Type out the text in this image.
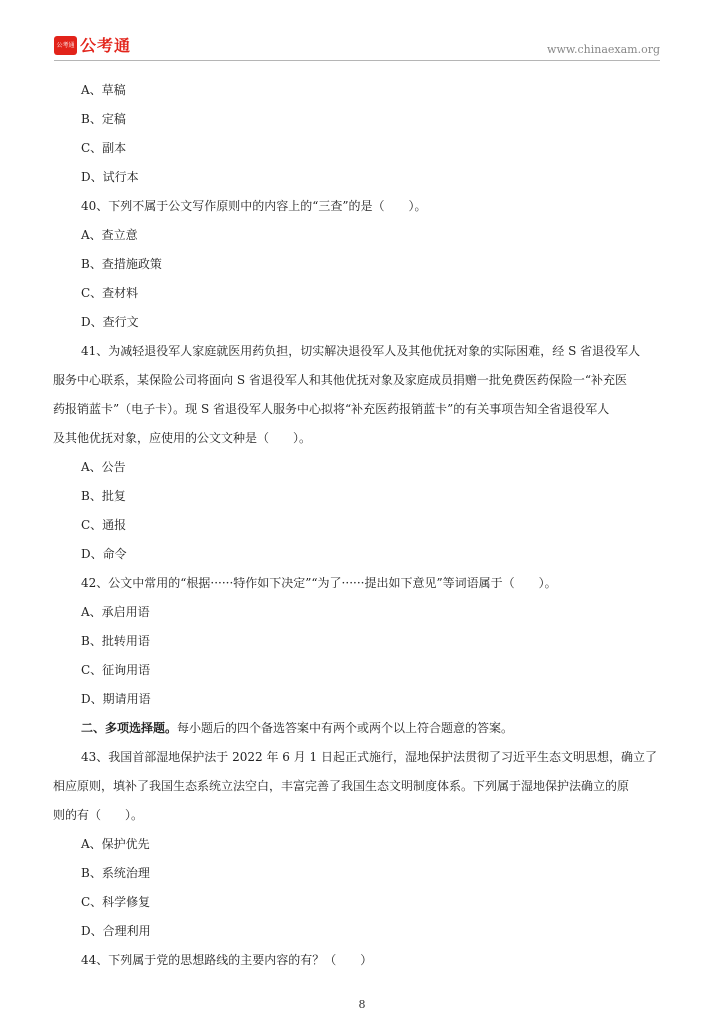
公考通 公考通	www.chinaexam.org
A、草稿
B、定稿
C、副本
D、试行本
40、下列不属于公文写作原则中的内容上的“三查”的是（　　）。
A、查立意
B、查措施政策
C、查材料
D、查行文
41、为减轻退役军人家庭就医用药负担，切实解决退役军人及其他优抚对象的实际困难，经 S 省退役军人
服务中心联系，某保险公司将面向 S 省退役军人和其他优抚对象及家庭成员捐赠一批免费医药保险一“补充医
药报销蓝卡”（电子卡）。现 S 省退役军人服务中心拟将“补充医药报销蓝卡”的有关事项告知全省退役军人
及其他优抚对象，应使用的公文文种是（　　）。
A、公告
B、批复
C、通报
D、命令
42、公文中常用的“根据······特作如下决定”“为了······提出如下意见”等词语属于（　　）。
A、承启用语
B、批转用语
C、征询用语
D、期请用语
二、多项选择题。每小题后的四个备选答案中有两个或两个以上符合题意的答案。
43、我国首部湿地保护法于 2022 年 6 月 1 日起正式施行，湿地保护法贯彻了习近平生态文明思想，确立了
相应原则，填补了我国生态系统立法空白，丰富完善了我国生态文明制度体系。下列属于湿地保护法确立的原
则的有（　　）。
A、保护优先
B、系统治理
C、科学修复
D、合理利用
44、下列属于党的思想路线的主要内容的有？（　　）
8
